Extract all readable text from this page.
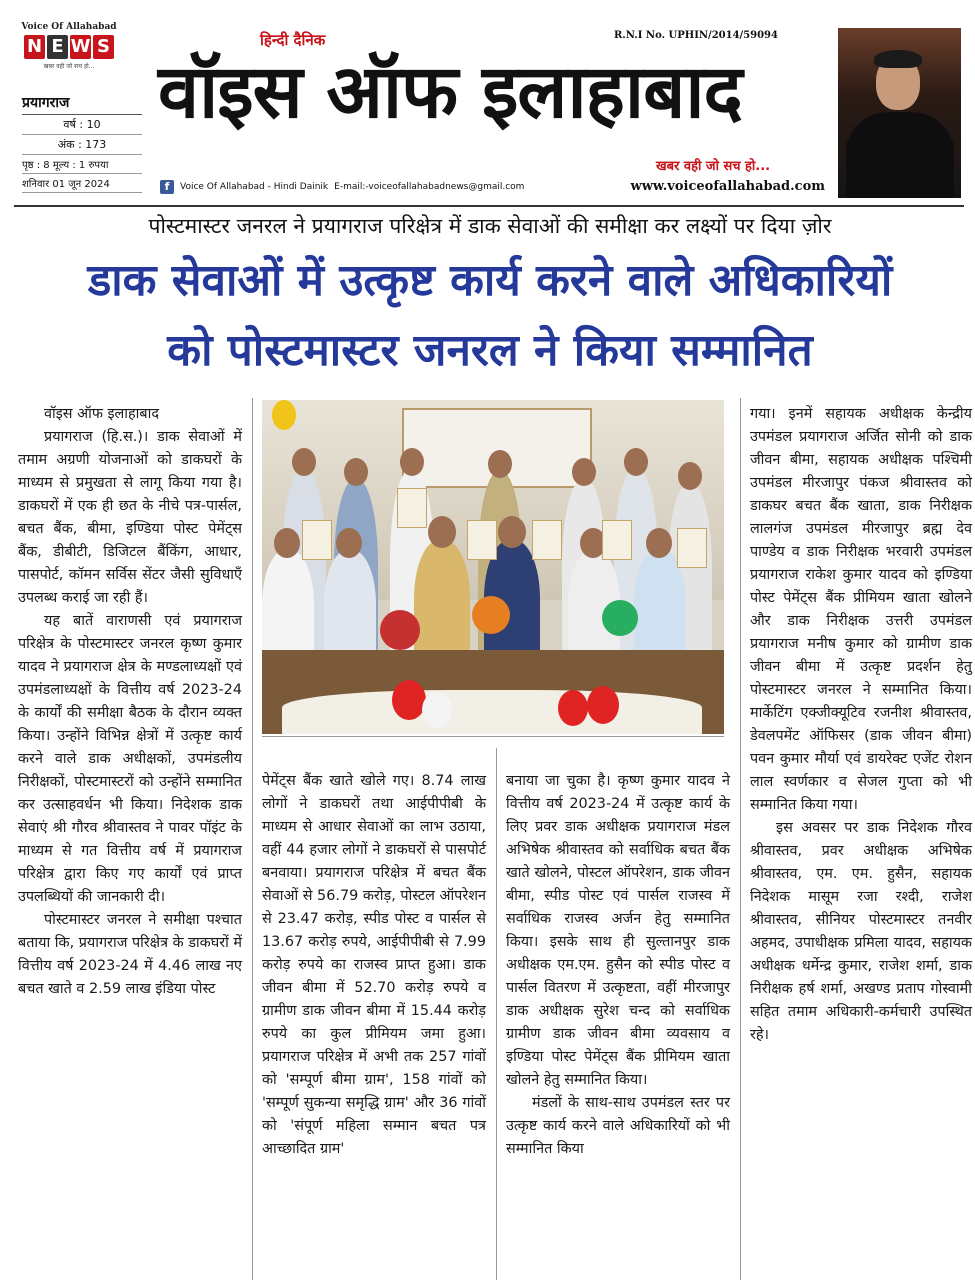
Voice Of Allahabad
N E W S
खबर वही जो सच हो...
प्रयागराज
वर्ष : 10
अंक : 173
पृष्ठ : 8 मूल्य : 1 रुपया
शनिवार 01 जून 2024
हिन्दी दैनिक	R.N.I No. UPHIN/2014/59094
वॉइस ऑफ इलाहाबाद
खबर वही जो सच हो...
f	Voice Of Allahabad - Hindi Dainik E-mail:-voiceofallahabadnews@gmail.com	www.voiceofallahabad.com
पोस्टमास्टर जनरल ने प्रयागराज परिक्षेत्र में डाक सेवाओं की समीक्षा कर लक्ष्यों पर दिया ज़ोर
डाक सेवाओं में उत्कृष्ट कार्य करने वाले अधिकारियों
को पोस्टमास्टर जनरल ने किया सम्मानित

वॉइस ऑफ इलाहाबाद

प्रयागराज (हि.स.)। डाक सेवाओं में तमाम अग्रणी योजनाओं को डाकघरों के माध्यम से प्रमुखता से लागू किया गया है। डाकघरों में एक ही छत के नीचे पत्र-पार्सल, बचत बैंक, बीमा, इण्डिया पोस्ट पेमेंट्स बैंक, डीबीटी, डिजिटल बैंकिंग, आधार, पासपोर्ट, कॉमन सर्विस सेंटर जैसी सुविधाएँ उपलब्ध कराई जा रही हैं।

यह बातें वाराणसी एवं प्रयागराज परिक्षेत्र के पोस्टमास्टर जनरल कृष्ण कुमार यादव ने प्रयागराज क्षेत्र के मण्डलाध्यक्षों एवं उपमंडलाध्यक्षों के वित्तीय वर्ष 2023-24 के कार्यों की समीक्षा बैठक के दौरान व्यक्त किया। उन्होंने विभिन्न क्षेत्रों में उत्कृष्ट कार्य करने वाले डाक अधीक्षकों, उपमंडलीय निरीक्षकों, पोस्टमास्टरों को उन्होंने सम्मानित कर उत्साहवर्धन भी किया। निदेशक डाक सेवाएं श्री गौरव श्रीवास्तव ने पावर पॉइंट के माध्यम से गत वित्तीय वर्ष में प्रयागराज परिक्षेत्र द्वारा किए गए कार्यों एवं प्राप्त उपलब्धियों की जानकारी दी।

पोस्टमास्टर जनरल ने समीक्षा पश्चात बताया कि, प्रयागराज परिक्षेत्र के डाकघरों में वित्तीय वर्ष 2023-24 में 4.46 लाख नए बचत खाते व 2.59 लाख इंडिया पोस्ट

पेमेंट्स बैंक खाते खोले गए। 8.74 लाख लोगों ने डाकघरों तथा आईपीपीबी के माध्यम से आधार सेवाओं का लाभ उठाया, वहीं 44 हजार लोगों ने डाकघरों से पासपोर्ट बनवाया। प्रयागराज परिक्षेत्र में बचत बैंक सेवाओं से 56.79 करोड़, पोस्टल ऑपरेशन से 23.47 करोड़, स्पीड पोस्ट व पार्सल से 13.67 करोड़ रुपये, आईपीपीबी से 7.99 करोड़ रुपये का राजस्व प्राप्त हुआ। डाक जीवन बीमा में 52.70 करोड़ रुपये व ग्रामीण डाक जीवन बीमा में 15.44 करोड़ रुपये का कुल प्रीमियम जमा हुआ। प्रयागराज परिक्षेत्र में अभी तक 257 गांवों को 'सम्पूर्ण बीमा ग्राम', 158 गांवों को 'सम्पूर्ण सुकन्या समृद्धि ग्राम' और 36 गांवों को 'संपूर्ण महिला सम्मान बचत पत्र आच्छादित ग्राम'

बनाया जा चुका है। कृष्ण कुमार यादव ने वित्तीय वर्ष 2023-24 में उत्कृष्ट कार्य के लिए प्रवर डाक अधीक्षक प्रयागराज मंडल अभिषेक श्रीवास्तव को सर्वाधिक बचत बैंक खाते खोलने, पोस्टल ऑपरेशन, डाक जीवन बीमा, स्पीड पोस्ट एवं पार्सल राजस्व में सर्वाधिक राजस्व अर्जन हेतु सम्मानित किया। इसके साथ ही सुल्तानपुर डाक अधीक्षक एम.एम. हुसैन को स्पीड पोस्ट व पार्सल वितरण में उत्कृष्टता, वहीं मीरजापुर डाक अधीक्षक सुरेश चन्द को सर्वाधिक ग्रामीण डाक जीवन बीमा व्यवसाय व इण्डिया पोस्ट पेमेंट्स बैंक प्रीमियम खाता खोलने हेतु सम्मानित किया।

मंडलों के साथ-साथ उपमंडल स्तर पर उत्कृष्ट कार्य करने वाले अधिकारियों को भी सम्मानित किया

गया। इनमें सहायक अधीक्षक केन्द्रीय उपमंडल प्रयागराज अर्जित सोनी को डाक जीवन बीमा, सहायक अधीक्षक पश्चिमी उपमंडल मीरजापुर पंकज श्रीवास्तव को डाकघर बचत बैंक खाता, डाक निरीक्षक लालगंज उपमंडल मीरजापुर ब्रह्म देव पाण्डेय व डाक निरीक्षक भरवारी उपमंडल प्रयागराज राकेश कुमार यादव को इण्डिया पोस्ट पेमेंट्स बैंक प्रीमियम खाता खोलने और डाक निरीक्षक उत्तरी उपमंडल प्रयागराज मनीष कुमार को ग्रामीण डाक जीवन बीमा में उत्कृष्ट प्रदर्शन हेतु पोस्टमास्टर जनरल ने सम्मानित किया। मार्केटिंग एक्जीक्यूटिव रजनीश श्रीवास्तव, डेवलपमेंट ऑफिसर (डाक जीवन बीमा) पवन कुमार मौर्या एवं डायरेक्ट एजेंट रोशन लाल स्वर्णकार व सेजल गुप्ता को भी सम्मानित किया गया।

इस अवसर पर डाक निदेशक गौरव श्रीवास्तव, प्रवर अधीक्षक अभिषेक श्रीवास्तव, एम. एम. हुसैन, सहायक निदेशक मासूम रजा रश्दी, राजेश श्रीवास्तव, सीनियर पोस्टमास्टर तनवीर अहमद, उपाधीक्षक प्रमिला यादव, सहायक अधीक्षक धर्मेन्द्र कुमार, राजेश शर्मा, डाक निरीक्षक हर्ष शर्मा, अखण्ड प्रताप गोस्वामी सहित तमाम अधिकारी-कर्मचारी उपस्थित रहे।
